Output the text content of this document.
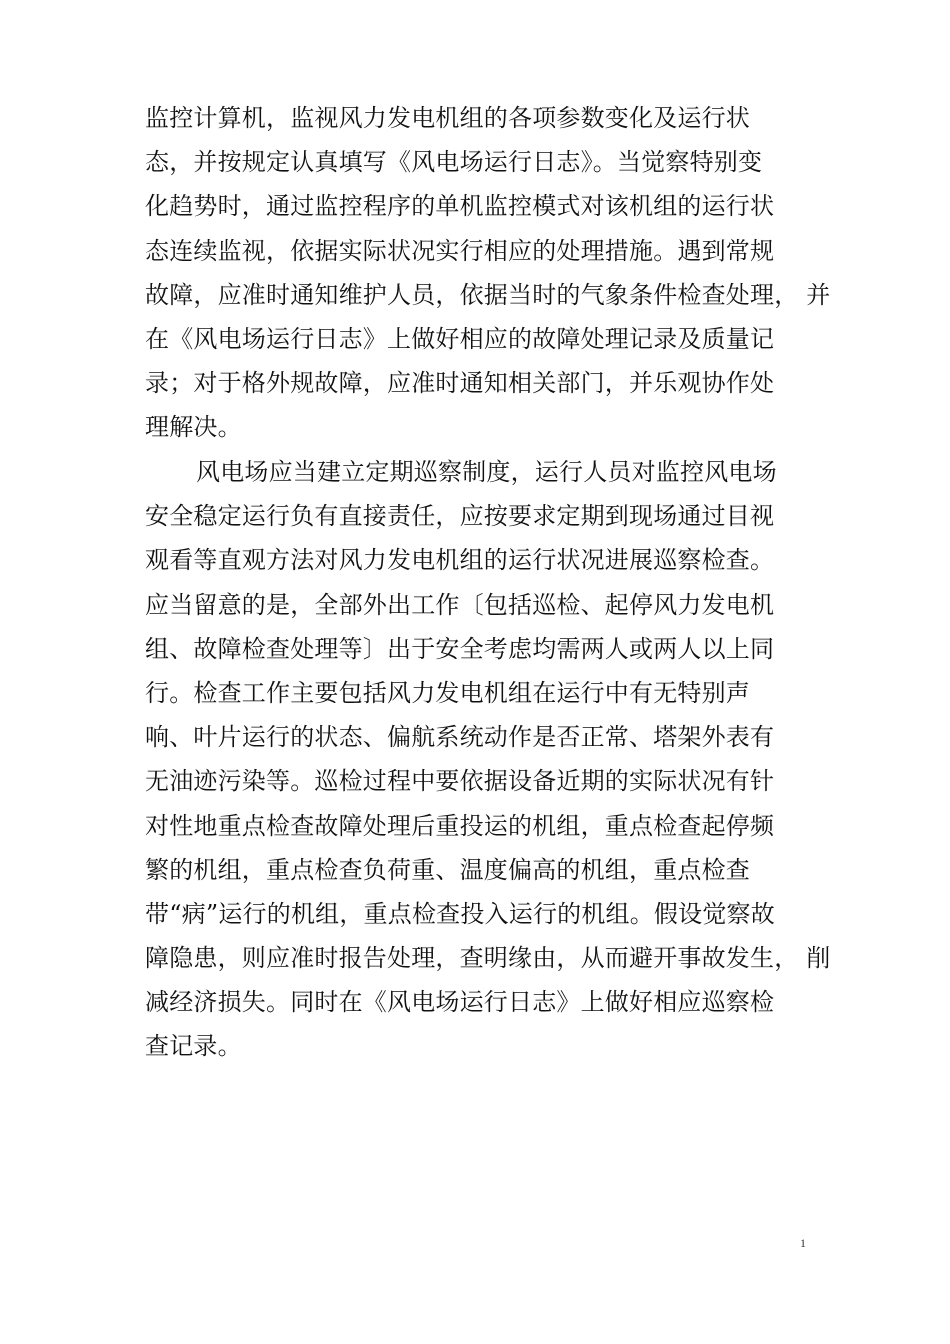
监控计算机，监视风力发电机组的各项参数变化及运行状
态，并按规定认真填写《风电场运行日志》。当觉察特别变
化趋势时，通过监控程序的单机监控模式对该机组的运行状
态连续监视，依据实际状况实行相应的处理措施。遇到常规
故障，应准时通知维护人员，依据当时的气象条件检查处理， 并
在《风电场运行日志》上做好相应的故障处理记录及质量记
录；对于格外规故障，应准时通知相关部门，并乐观协作处
理解决。
风电场应当建立定期巡察制度，运行人员对监控风电场
安全稳定运行负有直接责任，应按要求定期到现场通过目视
观看等直观方法对风力发电机组的运行状况进展巡察检查。
应当留意的是，全部外出工作〔包括巡检、起停风力发电机
组、故障检查处理等〕出于安全考虑均需两人或两人以上同
行。检查工作主要包括风力发电机组在运行中有无特别声
响、叶片运行的状态、偏航系统动作是否正常、塔架外表有
无油迹污染等。巡检过程中要依据设备近期的实际状况有针
对性地重点检查故障处理后重投运的机组，重点检查起停频
繁的机组，重点检查负荷重、温度偏高的机组，重点检查
带“病”运行的机组，重点检查投入运行的机组。假设觉察故
障隐患，则应准时报告处理，查明缘由，从而避开事故发生， 削
减经济损失。同时在《风电场运行日志》上做好相应巡察检
查记录。
1
